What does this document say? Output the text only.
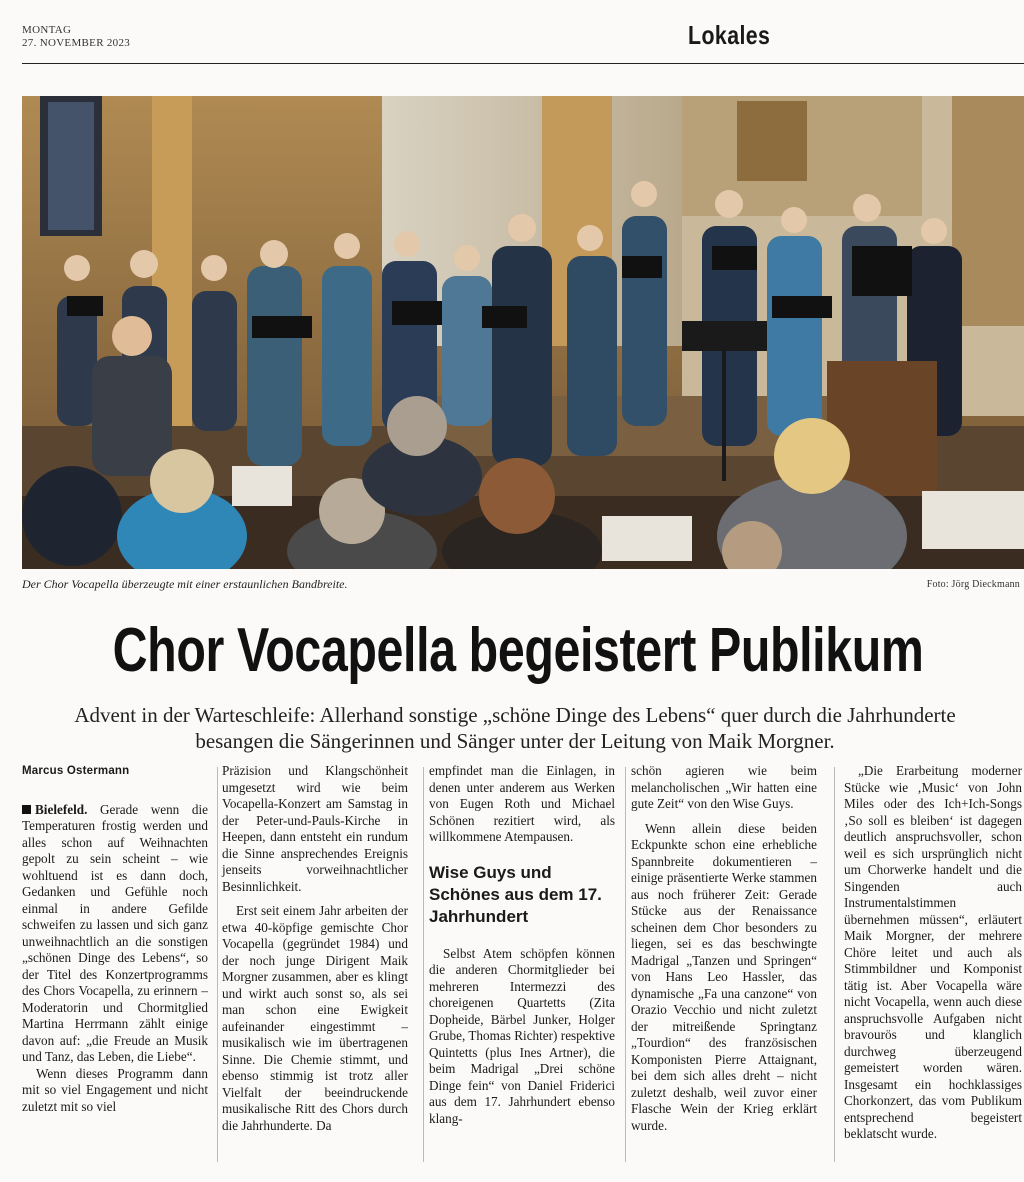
MONTAG
27. NOVEMBER 2023	Lokales
Der Chor Vocapella überzeugte mit einer erstaunlichen Bandbreite.	Foto: Jörg Dieckmann
Chor Vocapella begeistert Publikum
Advent in der Warteschleife: Allerhand sonstige „schöne Dinge des Lebens“ quer durch die Jahrhunderte besangen die Sängerinnen und Sänger unter der Leitung von Maik Morgner.
Marcus Ostermann

Bielefeld. Gerade wenn die Temperaturen frostig werden und alles schon auf Weihnachten gepolt zu sein scheint – wie wohltuend ist es dann doch, Gedanken und Gefühle noch einmal in andere Gefilde schweifen zu lassen und sich ganz unweihnachtlich an die sonstigen „schönen Dinge des Lebens“, so der Titel des Konzertprogramms des Chors Vocapella, zu erinnern – Moderatorin und Chormitglied Martina Herrmann zählt einige davon auf: „die Freude an Musik und Tanz, das Leben, die Liebe“.

Wenn dieses Programm dann mit so viel Engagement und nicht zuletzt mit so viel

Präzision und Klangschönheit umgesetzt wird wie beim Vocapella-Konzert am Samstag in der Peter-und-Pauls-Kirche in Heepen, dann entsteht ein rundum die Sinne ansprechendes Ereignis jenseits vorweihnachtlicher Besinnlichkeit.

Erst seit einem Jahr arbeiten der etwa 40-köpfige gemischte Chor Vocapella (gegründet 1984) und der noch junge Dirigent Maik Morgner zusammen, aber es klingt und wirkt auch sonst so, als sei man schon eine Ewigkeit aufeinander eingestimmt – musikalisch wie im übertragenen Sinne. Die Chemie stimmt, und ebenso stimmig ist trotz aller Vielfalt der beeindruckende musikalische Ritt des Chors durch die Jahrhunderte. Da

empfindet man die Einlagen, in denen unter anderem aus Werken von Eugen Roth und Michael Schönen rezitiert wird, als willkommene Atempausen.

Wise Guys und Schönes aus dem 17. Jahrhundert

Selbst Atem schöpfen können die anderen Chormitglieder bei mehreren Intermezzi des choreigenen Quartetts (Zita Dopheide, Bärbel Junker, Holger Grube, Thomas Richter) respektive Quintetts (plus Ines Artner), die beim Madrigal „Drei schöne Dinge fein“ von Daniel Friderici aus dem 17. Jahrhundert ebenso klang-

schön agieren wie beim melancholischen „Wir hatten eine gute Zeit“ von den Wise Guys.

Wenn allein diese beiden Eckpunkte schon eine erhebliche Spannbreite dokumentieren – einige präsentierte Werke stammen aus noch früherer Zeit: Gerade Stücke aus der Renaissance scheinen dem Chor besonders zu liegen, sei es das beschwingte Madrigal „Tanzen und Springen“ von Hans Leo Hassler, das dynamische „Fa una canzone“ von Orazio Vecchio und nicht zuletzt der mitreißende Springtanz „Tourdion“ des französischen Komponisten Pierre Attaignant, bei dem sich alles dreht – nicht zuletzt deshalb, weil zuvor einer Flasche Wein der Krieg erklärt wurde.

„Die Erarbeitung moderner Stücke wie ‚Music‘ von John Miles oder des Ich+Ich-Songs ‚So soll es bleiben‘ ist dagegen deutlich anspruchsvoller, schon weil es sich ursprünglich nicht um Chorwerke handelt und die Singenden auch Instrumentalstimmen übernehmen müssen“, erläutert Maik Morgner, der mehrere Chöre leitet und auch als Stimmbildner und Komponist tätig ist. Aber Vocapella wäre nicht Vocapella, wenn auch diese anspruchsvolle Aufgaben nicht bravourös und klanglich durchweg überzeugend gemeistert worden wären. Insgesamt ein hochklassiges Chorkonzert, das vom Publikum entsprechend begeistert beklatscht wurde.
